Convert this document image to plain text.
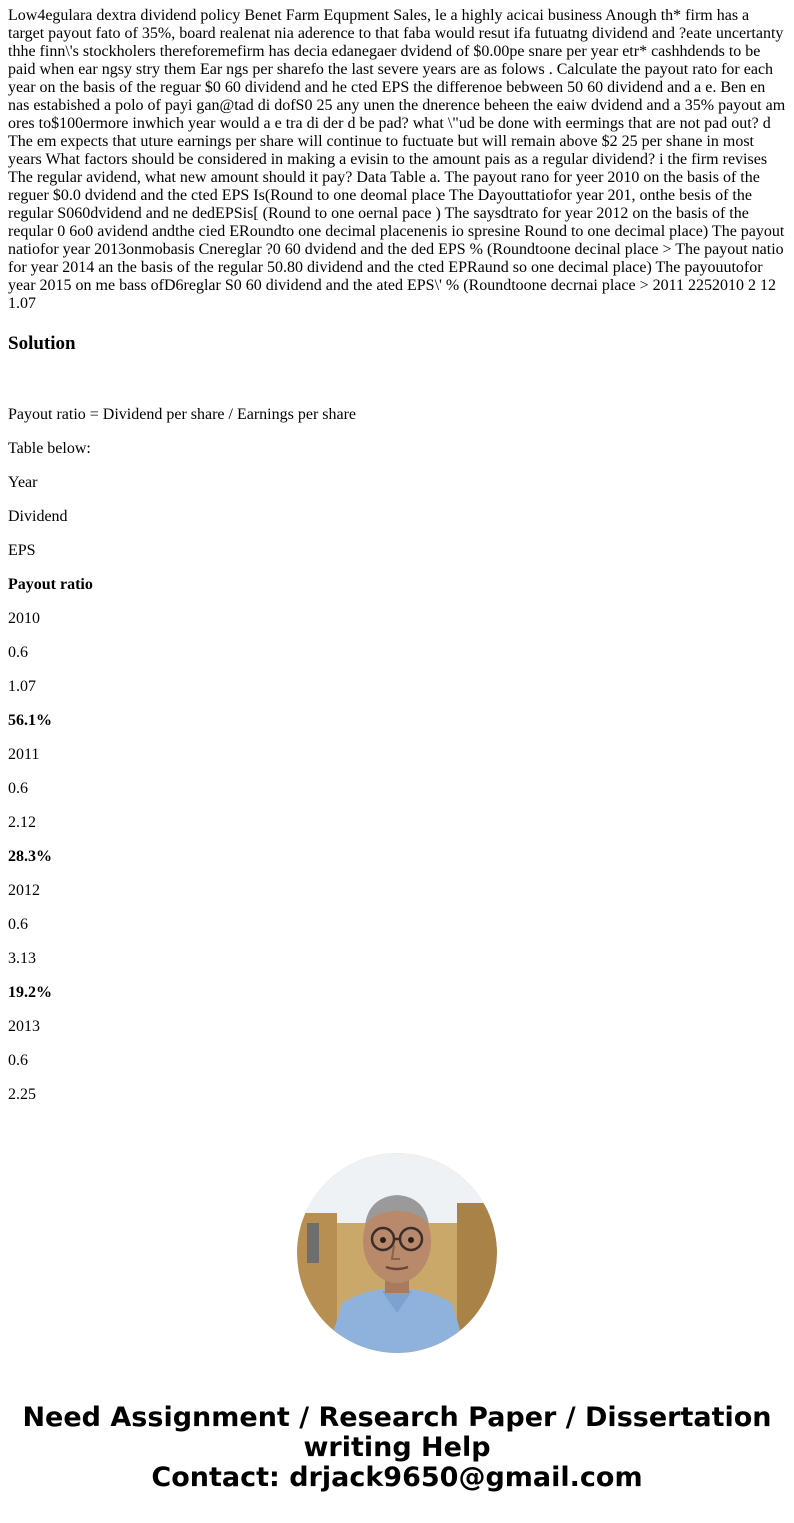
Low4egulara dextra dividend policy Benet Farm Equpment Sales, le a highly acicai business Anough th* firm has a target payout fato of 35%, board realenat nia aderence to that faba would resut ifa futuatng dividend and ?eate uncertanty thhe finn\'s stockholers thereforemefirm has decia edanegaer dvidend of $0.00pe snare per year etr* cashhdends to be paid when ear ngsy stry them Ear ngs per sharefo the last severe years are as folows . Calculate the payout rato for each year on the basis of the reguar $0 60 dividend and he cted EPS the differenoe bebween 50 60 dividend and a e. Ben en nas estabished a polo of payi gan@tad di dofS0 25 any unen the dnerence beheen the eaiw dvidend and a 35% payout am ores to$100ermore inwhich year would a e tra di der d be pad? what \"ud be done with eermings that are not pad out? d The em expects that uture earnings per share will continue to fuctuate but will remain above $2 25 per shane in most years What factors should be considered in making a evisin to the amount pais as a regular dividend? i the firm revises The regular avidend, what new amount should it pay? Data Table a. The payout rano for yeer 2010 on the basis of the reguer $0.0 dvidend and the cted EPS Is(Round to one deomal place The Dayouttatiofor year 201, onthe besis of the regular S060dvidend and ne dedEPSis[ (Round to one oernal pace ) The saysdtrato for year 2012 on the basis of the reqular 0 6o0 avidend andthe cied ERoundto one decimal placenenis io spresine Round to one decimal place) The payout natiofor year 2013onmobasis Cnereglar ?0 60 dvidend and the ded EPS % (Roundtoone decinal place > The payout natio for year 2014 an the basis of the regular 50.80 dividend and the cted EPRaund so one decimal place) The payouutofor year 2015 on me bass ofD6reglar S0 60 dividend and the ated EPS\' % (Roundtoone decrnai place > 2011 2252010 2 12 1.07
Solution
Payout ratio = Dividend per share / Earnings per share
Table below:
Year
Dividend
EPS
Payout ratio
2010
0.6
1.07
56.1%
2011
0.6
2.12
28.3%
2012
0.6
3.13
19.2%
2013
0.6
2.25
Need Assignment / Research Paper / Dissertation
writing Help
Contact: drjack9650@gmail.com
